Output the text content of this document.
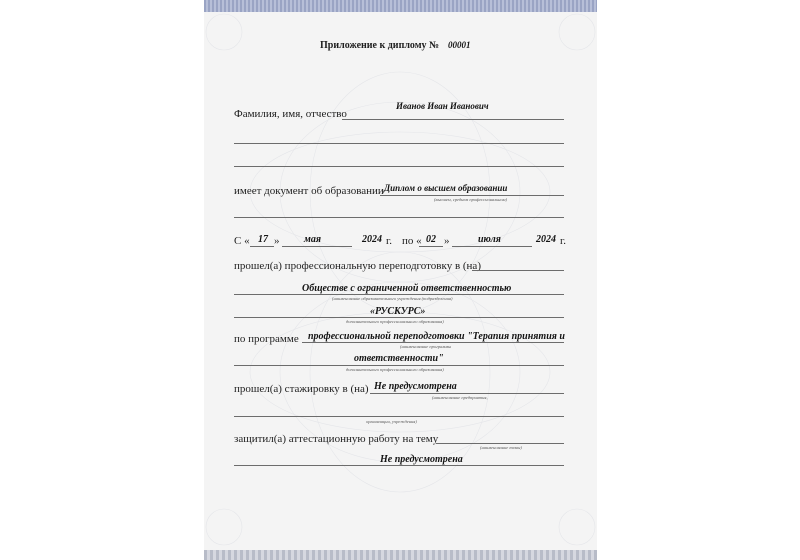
Приложение к диплому № 00001
Фамилия, имя, отчество
Иванов Иван Иванович
имеет документ об образовании Диплом о высшем образовании
(высшем, среднем профессиональном)
С « 17 » мая	2024 г. по « 02 »	июля	2024 г.
прошел(а) профессиональную переподготовку в (на)
Обществе с ограниченной ответственностью
(наименование образовательного учреждения (подразделения)
«РУСКУРС»
дополнительного профессионального образования)
по программе профессиональной переподготовки "Терапия принятия и
(наименование программы
ответственности"
дополнительного профессионального образования)
прошел(а) стажировку в (на) Не предусмотрена
(наименование предприятия,
организации, учреждения)
защитил(а) аттестационную работу на тему
(наименование темы)
Не предусмотрена
